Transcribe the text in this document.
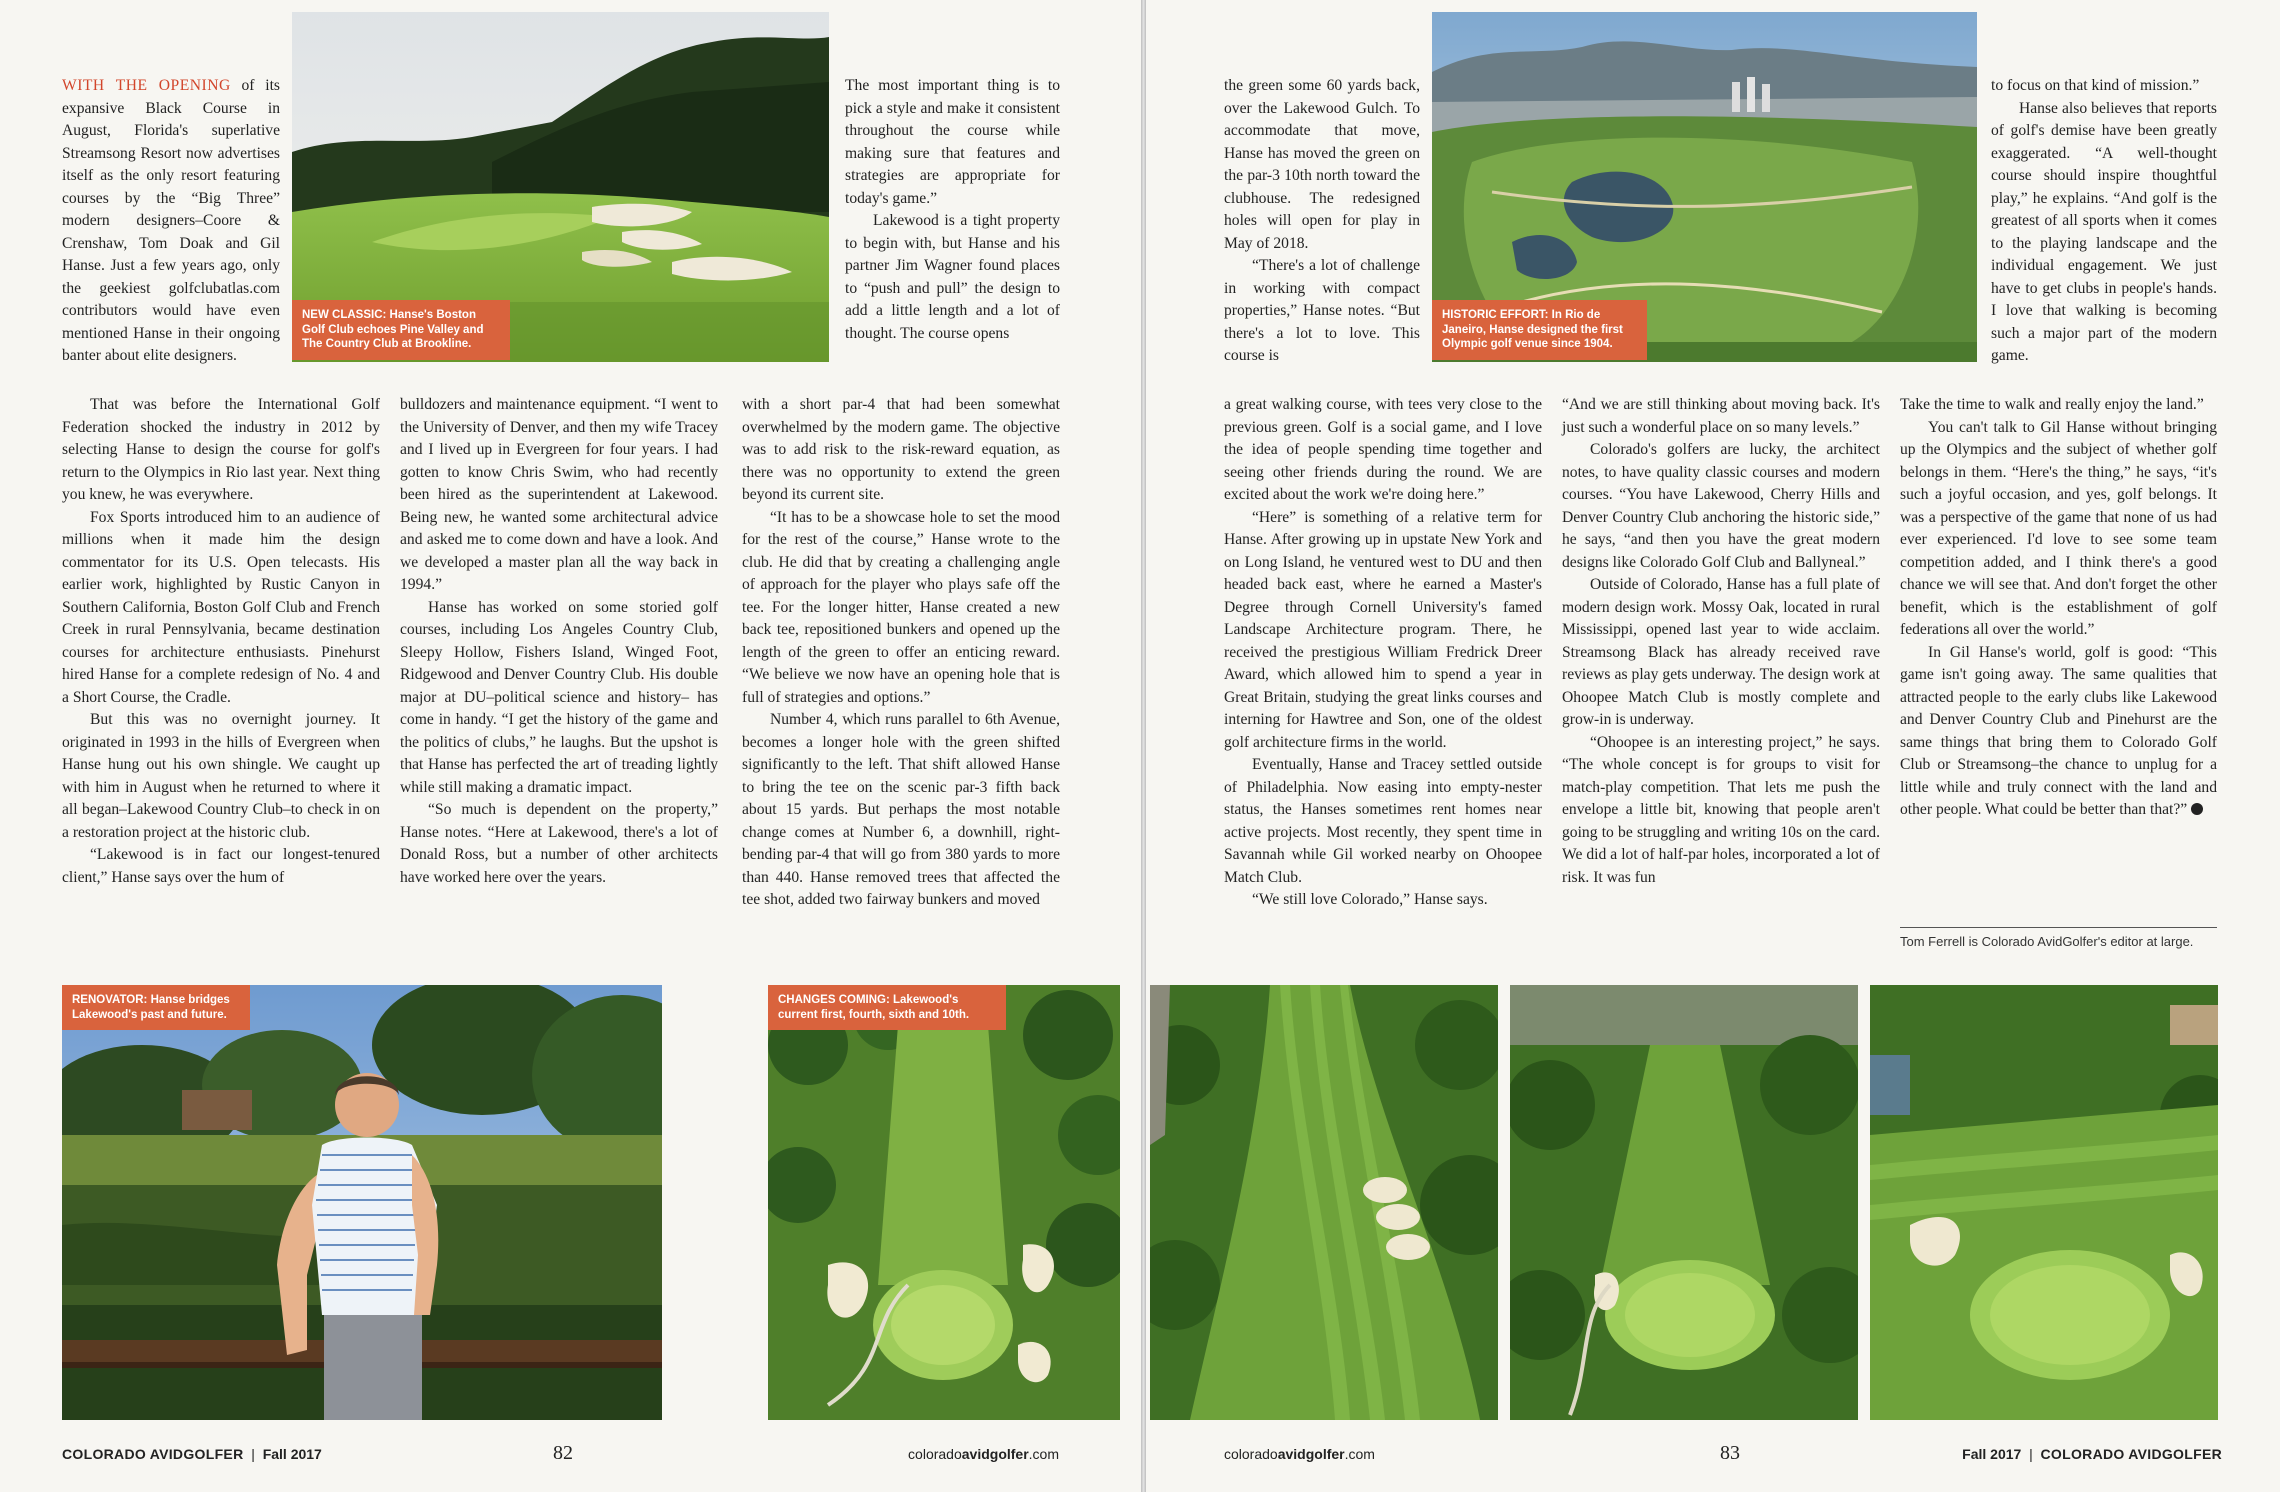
NEW CLASSIC: Hanse's Boston Golf Club echoes Pine Valley and The Country Club at Brookline.

WITH THE OPENING of its expansive Black Course in August, Florida's superlative Streamsong Resort now advertises itself as the only resort featuring courses by the “Big Three” modern designers–Coore & Crenshaw, Tom Doak and Gil Hanse. Just a few years ago, only the geekiest golfclubatlas.com contributors would have even mentioned Hanse in their ongoing banter about elite designers.

That was before the International Golf Federation shocked the industry in 2012 by selecting Hanse to design the course for golf's return to the Olympics in Rio last year. Next thing you knew, he was everywhere.

Fox Sports introduced him to an audience of millions when it made him the design commentator for its U.S. Open telecasts. His earlier work, highlighted by Rustic Canyon in Southern California, Boston Golf Club and French Creek in rural Pennsylvania, became destination courses for architecture enthusiasts. Pinehurst hired Hanse for a complete redesign of No. 4 and a Short Course, the Cradle.

But this was no overnight journey. It originated in 1993 in the hills of Evergreen when Hanse hung out his own shingle. We caught up with him in August when he returned to where it all began–Lakewood Country Club–to check in on a restoration project at the historic club.

“Lakewood is in fact our longest-tenured client,” Hanse says over the hum of

bulldozers and maintenance equipment. “I went to the University of Denver, and then my wife Tracey and I lived up in Evergreen for four years. I had gotten to know Chris Swim, who had recently been hired as the superintendent at Lakewood. Being new, he wanted some architectural advice and asked me to come down and have a look. And we developed a master plan all the way back in 1994.”

Hanse has worked on some storied golf courses, including Los Angeles Country Club, Sleepy Hollow, Fishers Island, Winged Foot, Ridgewood and Denver Country Club. His double major at DU–political science and history– has come in handy. “I get the history of the game and the politics of clubs,” he laughs. But the upshot is that Hanse has perfected the art of treading lightly while still making a dramatic impact.

“So much is dependent on the property,” Hanse notes. “Here at Lakewood, there's a lot of Donald Ross, but a number of other architects have worked here over the years.

The most important thing is to pick a style and make it consistent throughout the course while making sure that features and strategies are appropriate for today's game.”

Lakewood is a tight property to begin with, but Hanse and his partner Jim Wagner found places to “push and pull” the design to add a little length and a lot of thought. The course opens

with a short par-4 that had been somewhat overwhelmed by the modern game. The objective was to add risk to the risk-reward equation, as there was no opportunity to extend the green beyond its current site.

“It has to be a showcase hole to set the mood for the rest of the course,” Hanse wrote to the club. He did that by creating a challenging angle of approach for the player who plays safe off the tee. For the longer hitter, Hanse created a new back tee, repositioned bunkers and opened up the length of the green to offer an enticing reward. “We believe we now have an opening hole that is full of strategies and options.”

Number 4, which runs parallel to 6th Avenue, becomes a longer hole with the green shifted significantly to the left. That shift allowed Hanse to bring the tee on the scenic par-3 fifth back about 15 yards. But perhaps the most notable change comes at Number 6, a downhill, right-bending par-4 that will go from 380 yards to more than 440. Hanse removed trees that affected the tee shot, added two fairway bunkers and moved

RENOVATOR: Hanse bridges Lakewood's past and future.
CHANGES COMING: Lakewood's current first, fourth, sixth and 10th.
COLORADO AVIDGOLFER  |  Fall 2017	82	coloradoavidgolfer.com
HISTORIC EFFORT: In Rio de Janeiro, Hanse designed the first Olympic golf venue since 1904.

the green some 60 yards back, over the Lakewood Gulch. To accommodate that move, Hanse has moved the green on the par-3 10th north toward the clubhouse. The redesigned holes will open for play in May of 2018.

“There's a lot of challenge in working with compact properties,” Hanse notes. “But there's a lot to love. This course is

a great walking course, with tees very close to the previous green. Golf is a social game, and I love the idea of people spending time together and seeing other friends during the round. We are excited about the work we're doing here.”

“Here” is something of a relative term for Hanse. After growing up in upstate New York and on Long Island, he ventured west to DU and then headed back east, where he earned a Master's Degree through Cornell University's famed Landscape Architecture program. There, he received the prestigious William Fredrick Dreer Award, which allowed him to spend a year in Great Britain, studying the great links courses and interning for Hawtree and Son, one of the oldest golf architecture firms in the world.

Eventually, Hanse and Tracey settled outside of Philadelphia. Now easing into empty-nester status, the Hanses sometimes rent homes near active projects. Most recently, they spent time in Savannah while Gil worked nearby on Ohoopee Match Club.

“We still love Colorado,” Hanse says.

“And we are still thinking about moving back. It's just such a wonderful place on so many levels.”

Colorado's golfers are lucky, the architect notes, to have quality classic courses and modern courses. “You have Lakewood, Cherry Hills and Denver Country Club anchoring the historic side,” he says, “and then you have the great modern designs like Colorado Golf Club and Ballyneal.”

Outside of Colorado, Hanse has a full plate of modern design work. Mossy Oak, located in rural Mississippi, opened last year to wide acclaim. Streamsong Black has already received rave reviews as play gets underway. The design work at Ohoopee Match Club is mostly complete and grow-in is underway.

“Ohoopee is an interesting project,” he says. “The whole concept is for groups to visit for match-play competition. That lets me push the envelope a little bit, knowing that people aren't going to be struggling and writing 10s on the card. We did a lot of half-par holes, incorporated a lot of risk. It was fun

to focus on that kind of mission.”

Hanse also believes that reports of golf's demise have been greatly exaggerated. “A well-thought course should inspire thoughtful play,” he explains. “And golf is the greatest of all sports when it comes to the playing landscape and the individual engagement. We just have to get clubs in people's hands. I love that walking is becoming such a major part of the modern game.

Take the time to walk and really enjoy the land.”

You can't talk to Gil Hanse without bringing up the Olympics and the subject of whether golf belongs in them. “Here's the thing,” he says, “it's such a joyful occasion, and yes, golf belongs. It was a perspective of the game that none of us had ever experienced. I'd love to see some team competition added, and I think there's a good chance we will see that. And don't forget the other benefit, which is the establishment of golf federations all over the world.”

In Gil Hanse's world, golf is good: “This game isn't going away. The same qualities that attracted people to the early clubs like Lakewood and Denver Country Club and Pinehurst are the same things that bring them to Colorado Golf Club or Streamsong–the chance to unplug for a little while and truly connect with the land and other people. What could be better than that?”

Tom Ferrell is Colorado AvidGolfer's editor at large.
coloradoavidgolfer.com	83	Fall 2017  |  COLORADO AVIDGOLFER
